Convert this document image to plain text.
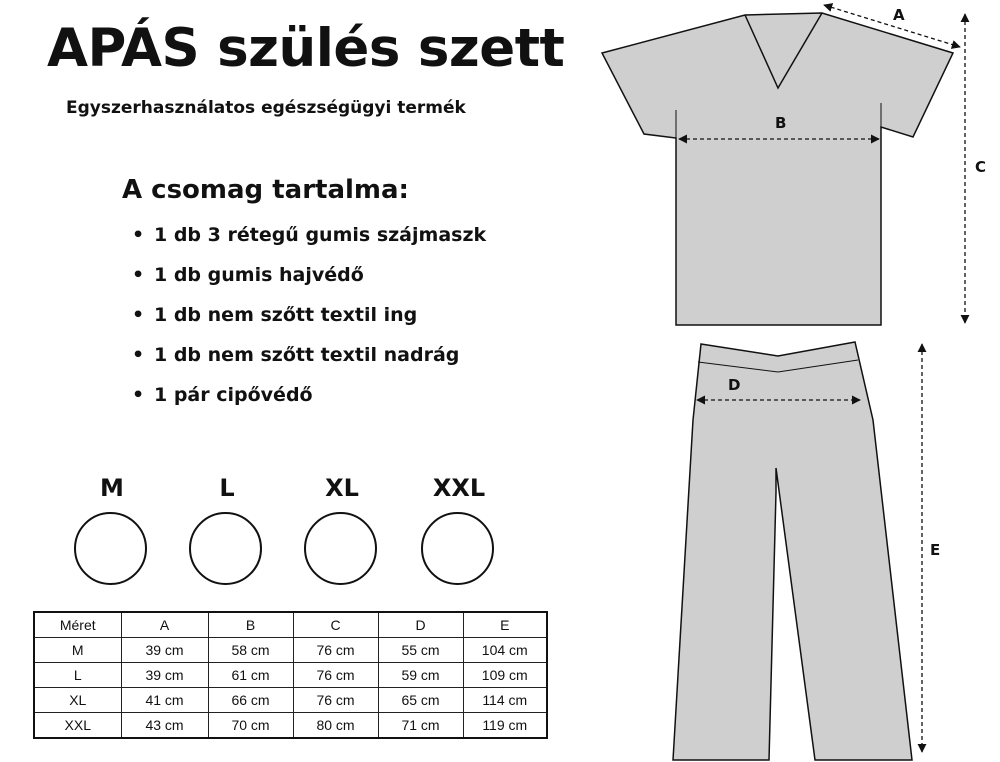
APÁS szülés szett
Egyszerhasználatos egészségügyi termék
A csomag tartalma:
• 1 db 3 rétegű gumis szájmaszk
• 1 db gumis hajvédő
• 1 db nem szőtt textil ing
• 1 db nem szőtt textil nadrág
• 1 pár cipővédő
M	L	XL	XXL
Méret	A	B	C	D	E
M	39 cm	58 cm	76 cm	55 cm	104 cm
L	39 cm	61 cm	76 cm	59 cm	109 cm
XL	41 cm	66 cm	76 cm	65 cm	114 cm
XXL	43 cm	70 cm	80 cm	71 cm	119 cm
A
B
C
D
E
